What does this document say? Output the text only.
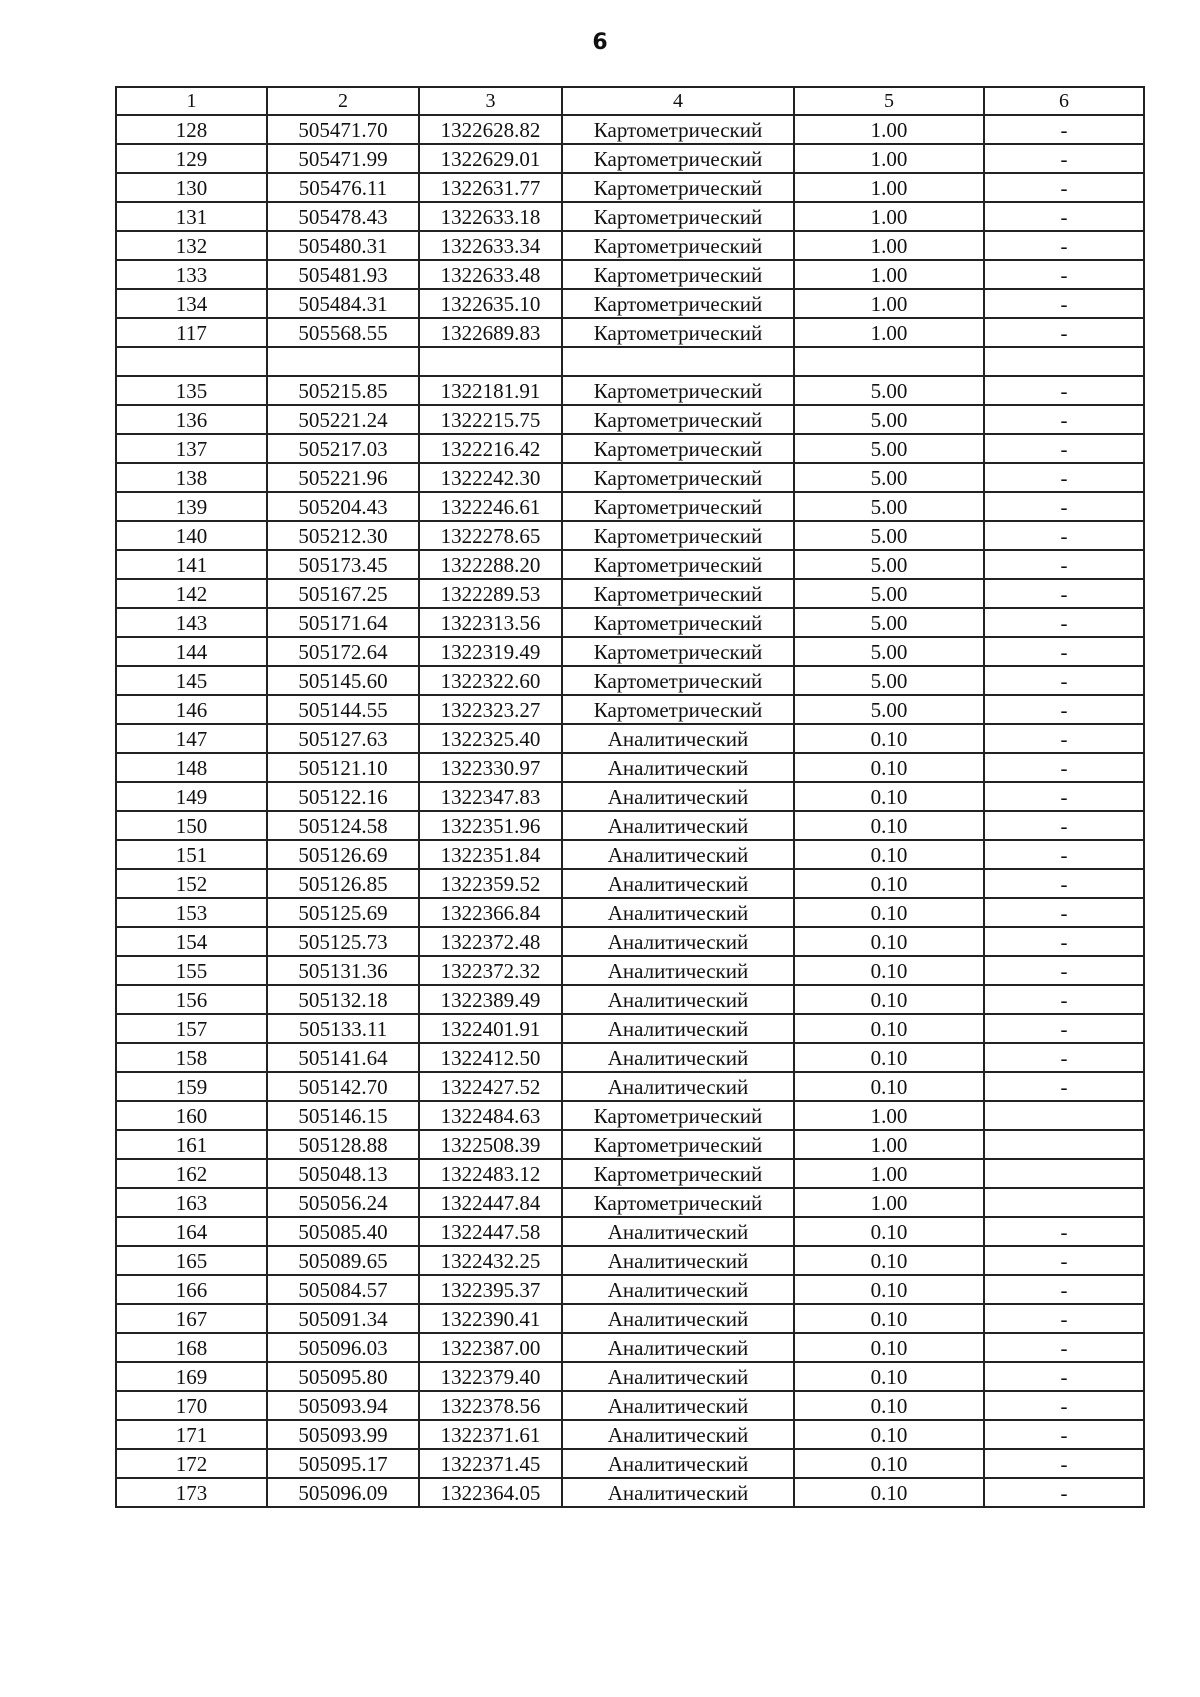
6
1	2	3	4	5	6
128	505471.70	1322628.82	Картометрический	1.00	-
129	505471.99	1322629.01	Картометрический	1.00	-
130	505476.11	1322631.77	Картометрический	1.00	-
131	505478.43	1322633.18	Картометрический	1.00	-
132	505480.31	1322633.34	Картометрический	1.00	-
133	505481.93	1322633.48	Картометрический	1.00	-
134	505484.31	1322635.10	Картометрический	1.00	-
117	505568.55	1322689.83	Картометрический	1.00	-

135	505215.85	1322181.91	Картометрический	5.00	-
136	505221.24	1322215.75	Картометрический	5.00	-
137	505217.03	1322216.42	Картометрический	5.00	-
138	505221.96	1322242.30	Картометрический	5.00	-
139	505204.43	1322246.61	Картометрический	5.00	-
140	505212.30	1322278.65	Картометрический	5.00	-
141	505173.45	1322288.20	Картометрический	5.00	-
142	505167.25	1322289.53	Картометрический	5.00	-
143	505171.64	1322313.56	Картометрический	5.00	-
144	505172.64	1322319.49	Картометрический	5.00	-
145	505145.60	1322322.60	Картометрический	5.00	-
146	505144.55	1322323.27	Картометрический	5.00	-
147	505127.63	1322325.40	Аналитический	0.10	-
148	505121.10	1322330.97	Аналитический	0.10	-
149	505122.16	1322347.83	Аналитический	0.10	-
150	505124.58	1322351.96	Аналитический	0.10	-
151	505126.69	1322351.84	Аналитический	0.10	-
152	505126.85	1322359.52	Аналитический	0.10	-
153	505125.69	1322366.84	Аналитический	0.10	-
154	505125.73	1322372.48	Аналитический	0.10	-
155	505131.36	1322372.32	Аналитический	0.10	-
156	505132.18	1322389.49	Аналитический	0.10	-
157	505133.11	1322401.91	Аналитический	0.10	-
158	505141.64	1322412.50	Аналитический	0.10	-
159	505142.70	1322427.52	Аналитический	0.10	-
160	505146.15	1322484.63	Картометрический	1.00	
161	505128.88	1322508.39	Картометрический	1.00	
162	505048.13	1322483.12	Картометрический	1.00	
163	505056.24	1322447.84	Картометрический	1.00	
164	505085.40	1322447.58	Аналитический	0.10	-
165	505089.65	1322432.25	Аналитический	0.10	-
166	505084.57	1322395.37	Аналитический	0.10	-
167	505091.34	1322390.41	Аналитический	0.10	-
168	505096.03	1322387.00	Аналитический	0.10	-
169	505095.80	1322379.40	Аналитический	0.10	-
170	505093.94	1322378.56	Аналитический	0.10	-
171	505093.99	1322371.61	Аналитический	0.10	-
172	505095.17	1322371.45	Аналитический	0.10	-
173	505096.09	1322364.05	Аналитический	0.10	-
